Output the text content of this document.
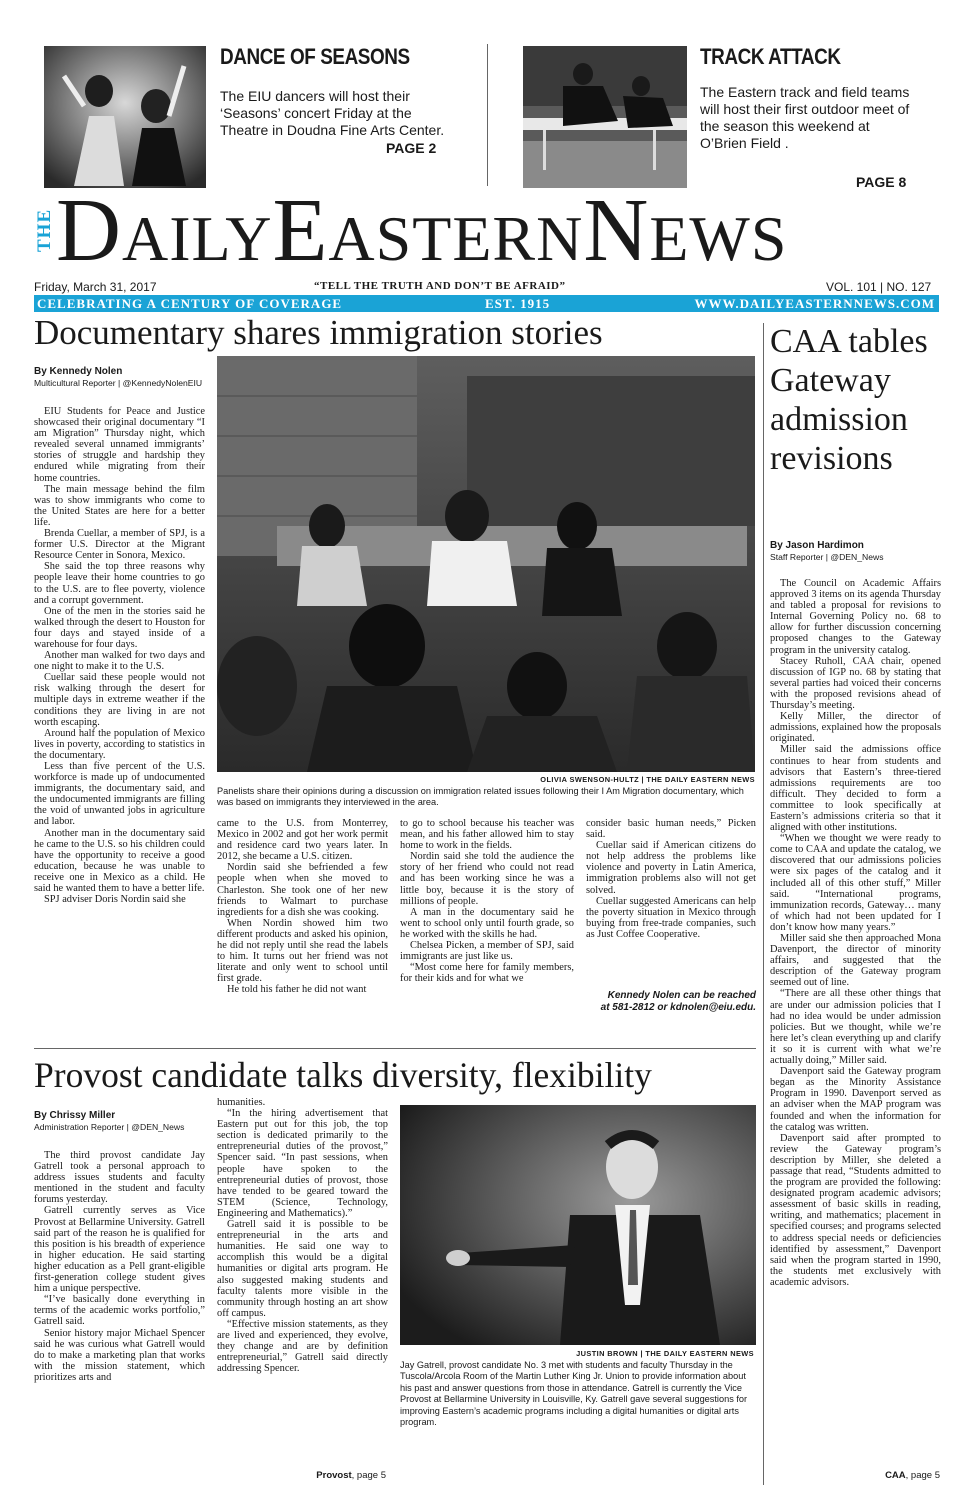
DANCE OF SEASONS
The EIU dancers will host their ‘Seasons’ concert Friday at the Theatre in Doudna Fine Arts Center.
PAGE 2
TRACK ATTACK
The Eastern track and field teams will host their first outdoor meet of the season this weekend at O’Brien Field .
PAGE 8
THE DAILYEASTERNNEWS
Friday, March 31, 2017	“TELL THE TRUTH AND DON’T BE AFRAID”	VOL. 101 | NO. 127
CELEBRATING A CENTURY OF COVERAGE	EST. 1915	WWW.DAILYEASTERNNEWS.COM
Documentary shares immigration stories
By Kennedy Nolen
Multicultural Reporter | @KennedyNolenEIU
OLIVIA SWENSON-HULTZ | THE DAILY EASTERN NEWS
Panelists share their opinions during a discussion on immigration related issues following their I Am Migration documentary, which was based on immigrants they interviewed in the area.

EIU Students for Peace and Justice showcased their original documentary “I am Migration” Thursday night, which revealed several unnamed immigrants’ stories of struggle and hardship they endured while migrating from their home countries.

The main message behind the film was to show immigrants who come to the United States are here for a better life.

Brenda Cuellar, a member of SPJ, is a former U.S. Director at the Migrant Resource Center in Sonora, Mexico.

She said the top three reasons why people leave their home countries to go to the U.S. are to flee poverty, violence and a corrupt government.

One of the men in the stories said he walked through the desert to Houston for four days and stayed inside of a warehouse for four days.

Another man walked for two days and one night to make it to the U.S.

Cuellar said these people would not risk walking through the desert for multiple days in extreme weather if the conditions they are living in are not worth escaping.

Around half the population of Mexico lives in poverty, according to statistics in the documentary.

Less than five percent of the U.S. workforce is made up of undocumented immigrants, the documentary said, and the undocumented immigrants are filling the void of unwanted jobs in agriculture and labor.

Another man in the documentary said he came to the U.S. so his children could have the opportunity to receive a good education, because he was unable to receive one in Mexico as a child. He said he wanted them to have a better life.

SPJ adviser Doris Nordin said she

came to the U.S. from Monterrey, Mexico in 2002 and got her work permit and residence card two years later. In 2012, she became a U.S. citizen.

Nordin said she befriended a few people when when she moved to Charleston. She took one of her new friends to Walmart to purchase ingredients for a dish she was cooking.

When Nordin showed him two different products and asked his opinion, he did not reply until she read the labels to him. It turns out her friend was not literate and only went to school until first grade.

He told his father he did not want

to go to school because his teacher was mean, and his father allowed him to stay home to work in the fields.

Nordin said she told the audience the story of her friend who could not read and has been working since he was a little boy, because it is the story of millions of people.

A man in the documentary said he went to school only until fourth grade, so he worked with the skills he had.

Chelsea Picken, a member of SPJ, said immigrants are just like us.

“Most come here for family members, for their kids and for what we

consider basic human needs,” Picken said.

Cuellar said if American citizens do not help address the problems like violence and poverty in Latin America, immigration problems also will not get solved.

Cuellar suggested Americans can help the poverty situation in Mexico through buying from free-trade companies, such as Just Coffee Cooperative.

Kennedy Nolen can be reached at 581-2812 or kdnolen@eiu.edu.
Provost candidate talks diversity, flexibility
By Chrissy Miller
Administration Reporter | @DEN_News

The third provost candidate Jay Gatrell took a personal approach to address issues students and faculty mentioned in the student and faculty forums yesterday.

Gatrell currently serves as Vice Provost at Bellarmine University. Gatrell said part of the reason he is qualified for this position is his breadth of experience in higher education. He said starting higher education as a Pell grant-eligible first-generation college student gives him a unique perspective.

“I’ve basically done everything in terms of the academic works portfolio,” Gatrell said.

Senior history major Michael Spencer said he was curious what Gatrell would do to make a marketing plan that works with the mission statement, which prioritizes arts and

humanities.

“In the hiring advertisement that Eastern put out for this job, the top section is dedicated primarily to the entrepreneurial duties of the provost,” Spencer said. “In past sessions, when people have spoken to the entrepreneurial duties of provost, those have tended to be geared toward the STEM (Science, Technology, Engineering and Mathematics).”

Gatrell said it is possible to be entrepreneurial in the arts and humanities. He said one way to accomplish this would be a digital humanities or digital arts program. He also suggested making students and faculty talents more visible in the community through hosting an art show off campus.

“Effective mission statements, as they are lived and experienced, they evolve, they change and are by definition entrepreneurial,” Gatrell said directly addressing Spencer.

JUSTIN BROWN | THE DAILY EASTERN NEWS
Jay Gatrell, provost candidate No. 3 met with students and faculty Thursday in the Tuscola/Arcola Room of the Martin Luther King Jr. Union to provide information about his past and answer questions from those in attendance. Gatrell is currently the Vice Provost at Bellarmine University in Louisville, Ky. Gatrell gave several suggestions for improving Eastern’s academic programs including a digital humanities or digital arts program.
Provost, page 5
CAA tables Gateway admission revisions
By Jason Hardimon
Staff Reporter | @DEN_News

The Council on Academic Affairs approved 3 items on its agenda Thursday and tabled a proposal for revisions to Internal Governing Policy no. 68 to allow for further discussion concerning proposed changes to the Gateway program in the university catalog.

Stacey Ruholl, CAA chair, opened discussion of IGP no. 68 by stating that several parties had voiced their concerns with the proposed revisions ahead of Thursday’s meeting.

Kelly Miller, the director of admissions, explained how the proposals originated.

Miller said the admissions office continues to hear from students and advisors that Eastern’s three-tiered admissions requirements are too difficult. They decided to form a committee to look specifically at Eastern’s admissions criteria so that it aligned with other institutions.

“When we thought we were ready to come to CAA and update the catalog, we discovered that our admissions policies were six pages of the catalog and it included all of this other stuff,” Miller said. “International programs, immunization records, Gateway… many of which had not been updated for I don’t know how many years.”

Miller said she then approached Mona Davenport, the director of minority affairs, and suggested that the description of the Gateway program seemed out of line.

“There are all these other things that are under our admission policies that I had no idea would be under admission policies. But we thought, while we’re here let’s clean everything up and clarify it so it is current with what we’re actually doing,” Miller said.

Davenport said the Gateway program began as the Minority Assistance Program in 1990. Davenport served as an adviser when the MAP program was founded and when the information for the catalog was written.

Davenport said after prompted to review the Gateway program’s description by Miller, she deleted a passage that read, “Students admitted to the program are provided the following: designated program academic advisors; assessment of basic skills in reading, writing, and mathematics; placement in specified courses; and programs selected to address special needs or deficiencies identified by assessment,” Davenport said when the program started in 1990, the students met exclusively with academic advisors.

CAA, page 5
